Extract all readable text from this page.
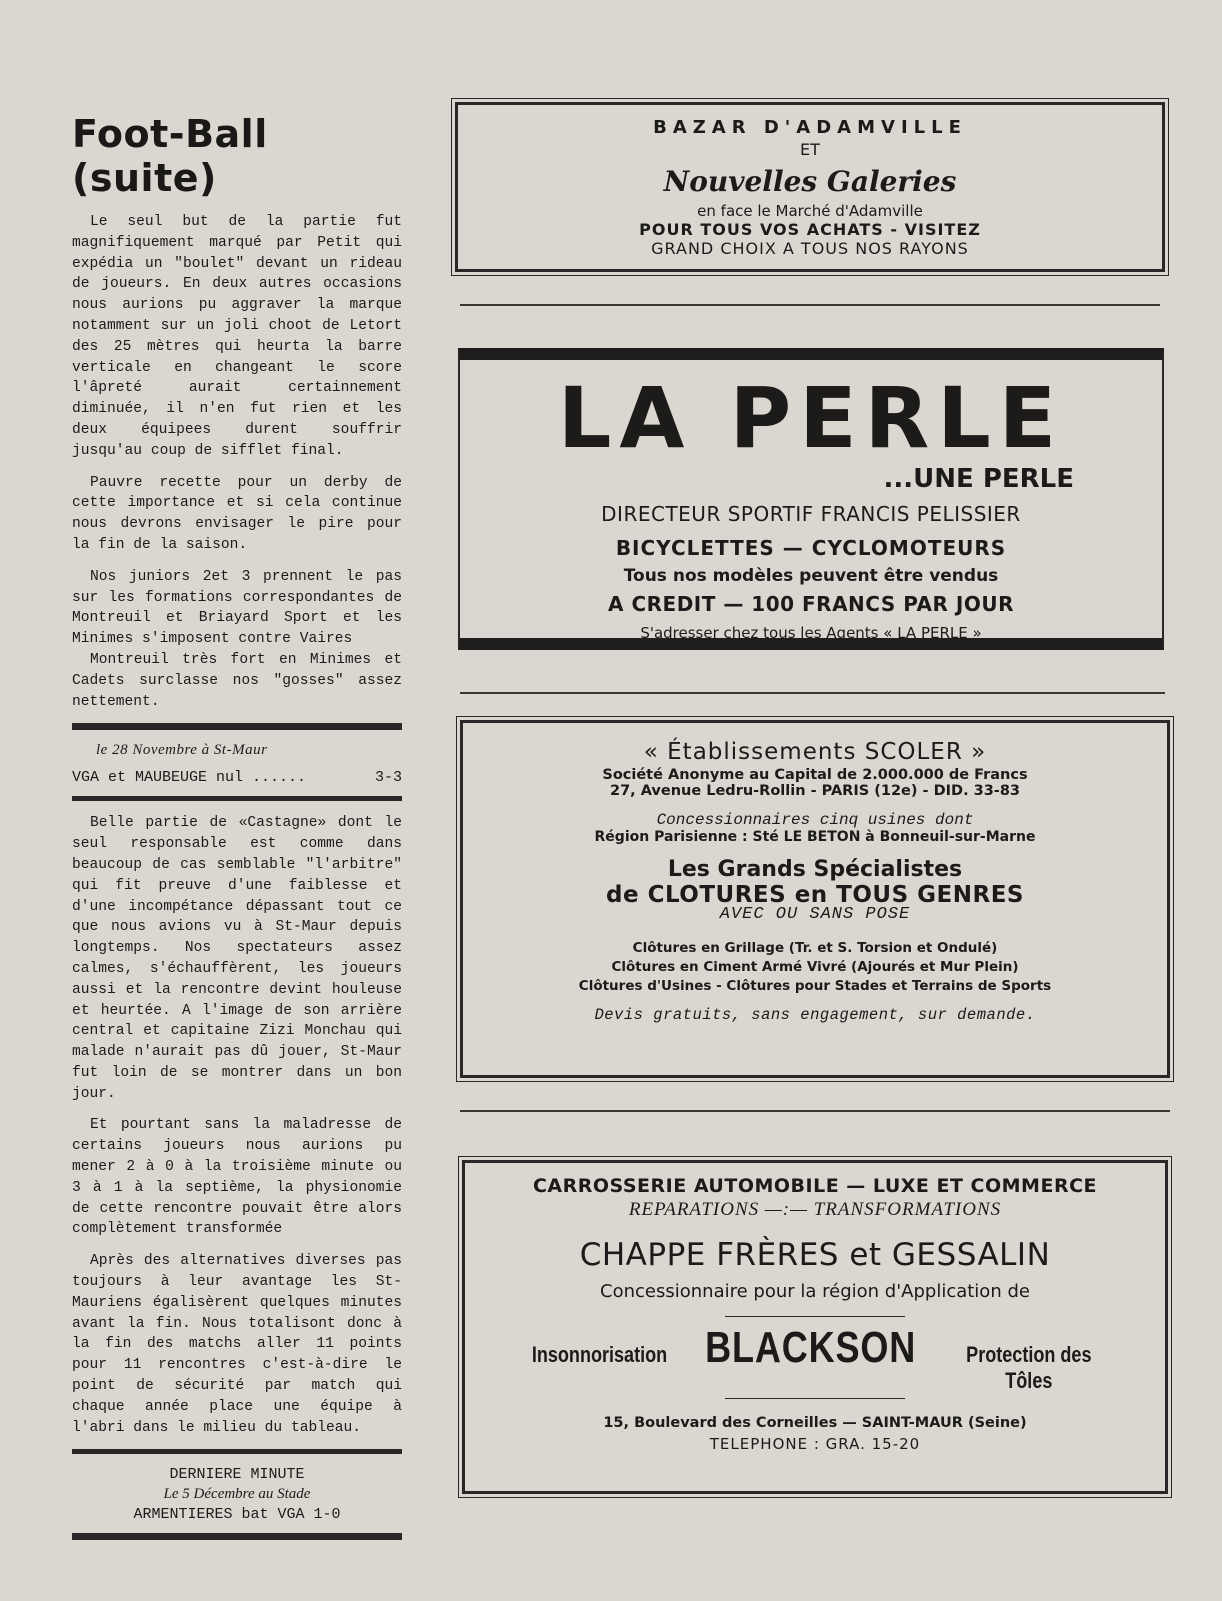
Foot-Ball (suite)

Le seul but de la partie fut magnifiquement marqué par Petit qui expédia un "boulet" devant un rideau de joueurs. En deux autres occasions nous aurions pu aggraver la marque notamment sur un joli choot de Letort des 25 mètres qui heurta la barre verticale en changeant le score l'âpreté aurait certainnement diminuée, il n'en fut rien et les deux équipees durent souffrir jusqu'au coup de sifflet final.

Pauvre recette pour un derby de cette importance et si cela continue nous devrons envisager le pire pour la fin de la saison.

Nos juniors 2et 3 prennent le pas sur les formations correspondantes de Montreuil et Briayard Sport et les Minimes s'imposent contre Vaires

Montreuil très fort en Minimes et Cadets surclasse nos "gosses" assez nettement.

le 28 Novembre à St-Maur
VGA et MAUBEUGE nul ......	3-3

Belle partie de «Castagne» dont le seul responsable est comme dans beaucoup de cas semblable "l'arbitre" qui fit preuve d'une faiblesse et d'une incompétance dépassant tout ce que nous avions vu à St-Maur depuis longtemps. Nos spectateurs assez calmes, s'échauffèrent, les joueurs aussi et la rencontre devint houleuse et heurtée. A l'image de son arrière central et capitaine Zizi Monchau qui malade n'aurait pas dû jouer, St-Maur fut loin de se montrer dans un bon jour.

Et pourtant sans la maladresse de certains joueurs nous aurions pu mener 2 à 0 à la troisième minute ou 3 à 1 à la septième, la physionomie de cette rencontre pouvait être alors complètement transformée

Après des alternatives diverses pas toujours à leur avantage les St-Mauriens égalisèrent quelques minutes avant la fin. Nous totalisont donc à la fin des matchs aller 11 points pour 11 rencontres c'est-à-dire le point de sécurité par match qui chaque année place une équipe à l'abri dans le milieu du tableau.

DERNIERE MINUTE
Le 5 Décembre au Stade
ARMENTIERES bat VGA 1-0
BAZAR D'ADAMVILLE
ET
Nouvelles Galeries
en face le Marché d'Adamville
POUR TOUS VOS ACHATS - VISITEZ
GRAND CHOIX A TOUS NOS RAYONS
LA PERLE
...UNE PERLE
DIRECTEUR SPORTIF FRANCIS PELISSIER
BICYCLETTES — CYCLOMOTEURS
Tous nos modèles peuvent être vendus
A CREDIT — 100 FRANCS PAR JOUR
S'adresser chez tous les Agents « LA PERLE »
« Établissements SCOLER »
Société Anonyme au Capital de 2.000.000 de Francs
27, Avenue Ledru-Rollin - PARIS (12e) - DID. 33-83
Concessionnaires cinq usines dont
Région Parisienne : Sté LE BETON à Bonneuil-sur-Marne
Les Grands Spécialistes
de CLOTURES en TOUS GENRES
AVEC OU SANS POSE
Clôtures en Grillage (Tr. et S. Torsion et Ondulé)
Clôtures en Ciment Armé Vivré (Ajourés et Mur Plein)
Clôtures d'Usines - Clôtures pour Stades et Terrains de Sports
Devis gratuits, sans engagement, sur demande.
CARROSSERIE AUTOMOBILE — LUXE ET COMMERCE
REPARATIONS —:— TRANSFORMATIONS
CHAPPE FRÈRES et GESSALIN
Concessionnaire pour la région d'Application de
Insonnorisation BLACKSON	Protection des Tôles
15, Boulevard des Corneilles — SAINT-MAUR (Seine)
TELEPHONE : GRA. 15-20
